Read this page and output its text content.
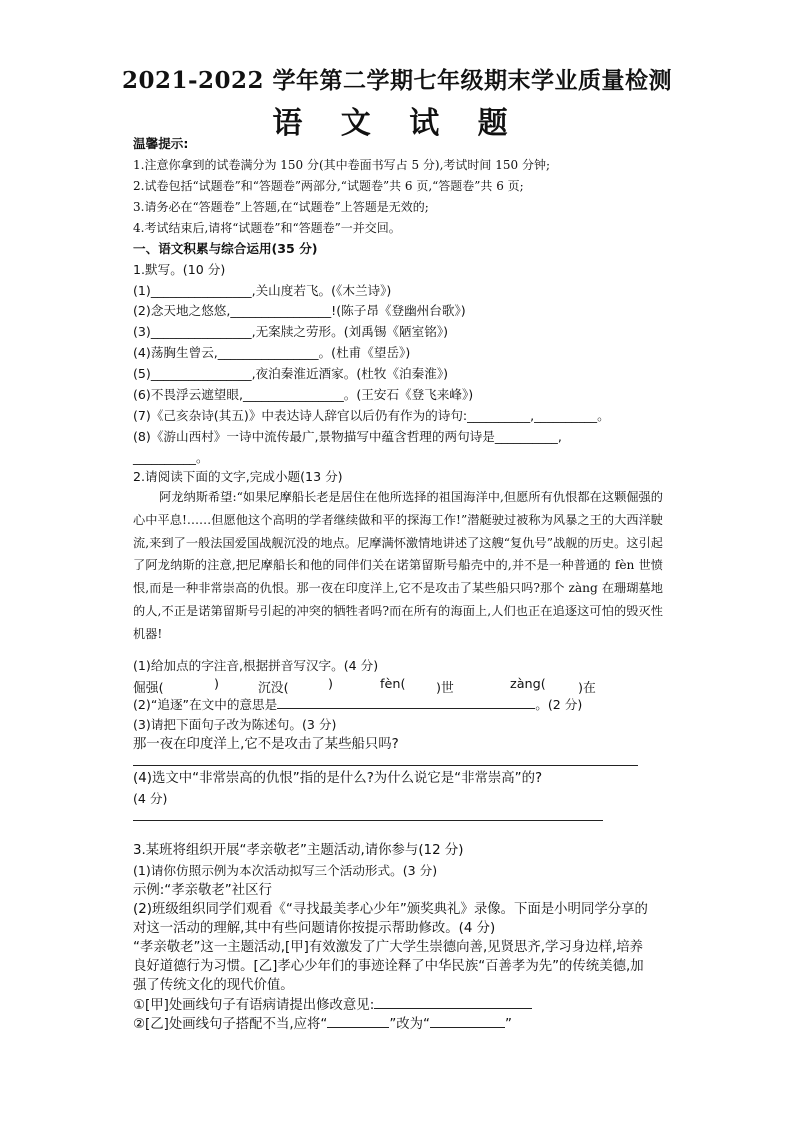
2021-2022 学年第二学期七年级期末学业质量检测
语 文 试 题
温馨提示:
1.注意你拿到的试卷满分为 150 分(其中卷面书写占 5 分),考试时间 150 分钟;
2.试卷包括“试题卷”和“答题卷”两部分,“试题卷”共 6 页,“答题卷”共 6 页;
3.请务必在“答题卷”上答题,在“试题卷”上答题是无效的;
4.考试结束后,请将“试题卷”和“答题卷”一并交回。
一、语文积累与综合运用(35 分)
1.默写。(10 分)
(1)________________,关山度若飞。(《木兰诗》)
(2)念天地之悠悠,________________!(陈子昂《登幽州台歌》)
(3)________________,无案牍之劳形。(刘禹锡《陋室铭》)
(4)荡胸生曾云,________________。(杜甫《望岳》)
(5)________________,夜泊秦淮近酒家。(杜牧《泊秦淮》)
(6)不畏浮云遮望眼,________________。(王安石《登飞来峰》)
(7)《己亥杂诗(其五)》中表达诗人辞官以后仍有作为的诗句:__________,__________。
(8)《游山西村》一诗中流传最广,景物描写中蕴含哲理的两句诗是__________,
__________。
2.请阅读下面的文字,完成小题(13 分)
阿龙纳斯希望:“如果尼摩船长老是居住在他所选择的祖国海洋中,但愿所有仇恨都在这颗倔强的心中平息!……但愿他这个高明的学者继续做和平的探海工作!”潜艇驶过被称为风暴之王的大西洋駛流,来到了一般法国爱国战舰沉没的地点。尼摩满怀激情地讲述了这艘“复仇号”战舰的历史。这引起了阿龙纳斯的注意,把尼摩船长和他的同伴们关在诺第留斯号船壳中的,并不是一种普通的 fèn 世愤恨,而是一种非常崇高的仇恨。那一夜在印度洋上,它不是攻击了某些船只吗?那个 zàng 在珊瑚墓地的人,不正是诺第留斯号引起的冲突的牺牲者吗?而在所有的海面上,人们也正在追逐这可怕的毁灭性机器!
(1)给加点的字注音,根据拼音写汉字。(4 分)
倔强(	)	沉没(	)	fèn( )世	zàng(	)在
(2)“追逐”在文中的意思是	。(2 分)
(3)请把下面句子改为陈述句。(3 分)
那一夜在印度洋上,它不是攻击了某些船只吗?
(4)选文中“非常崇高的仇恨”指的是什么?为什么说它是“非常崇高”的?
(4 分)
3.某班将组织开展“孝亲敬老”主题活动,请你参与(12 分)
(1)请你仿照示例为本次活动拟写三个活动形式。(3 分)
示例:“孝亲敬老”社区行
(2)班级组织同学们观看《“寻找最美孝心少年”颁奖典礼》录像。下面是小明同学分享的对这一活动的理解,其中有些问题请你按提示帮助修改。(4 分)
“孝亲敬老”这一主题活动,[甲]有效激发了广大学生崇德向善,见贤思齐,学习身边样,培养良好道德行为习惯。[乙]孝心少年们的事迹诠释了中华民族“百善孝为先”的传统美德,加强了传统文化的现代价值。
①[甲]处画线句子有语病请提出修改意见:
②[乙]处画线句子搭配不当,应将“	”改为“	”
